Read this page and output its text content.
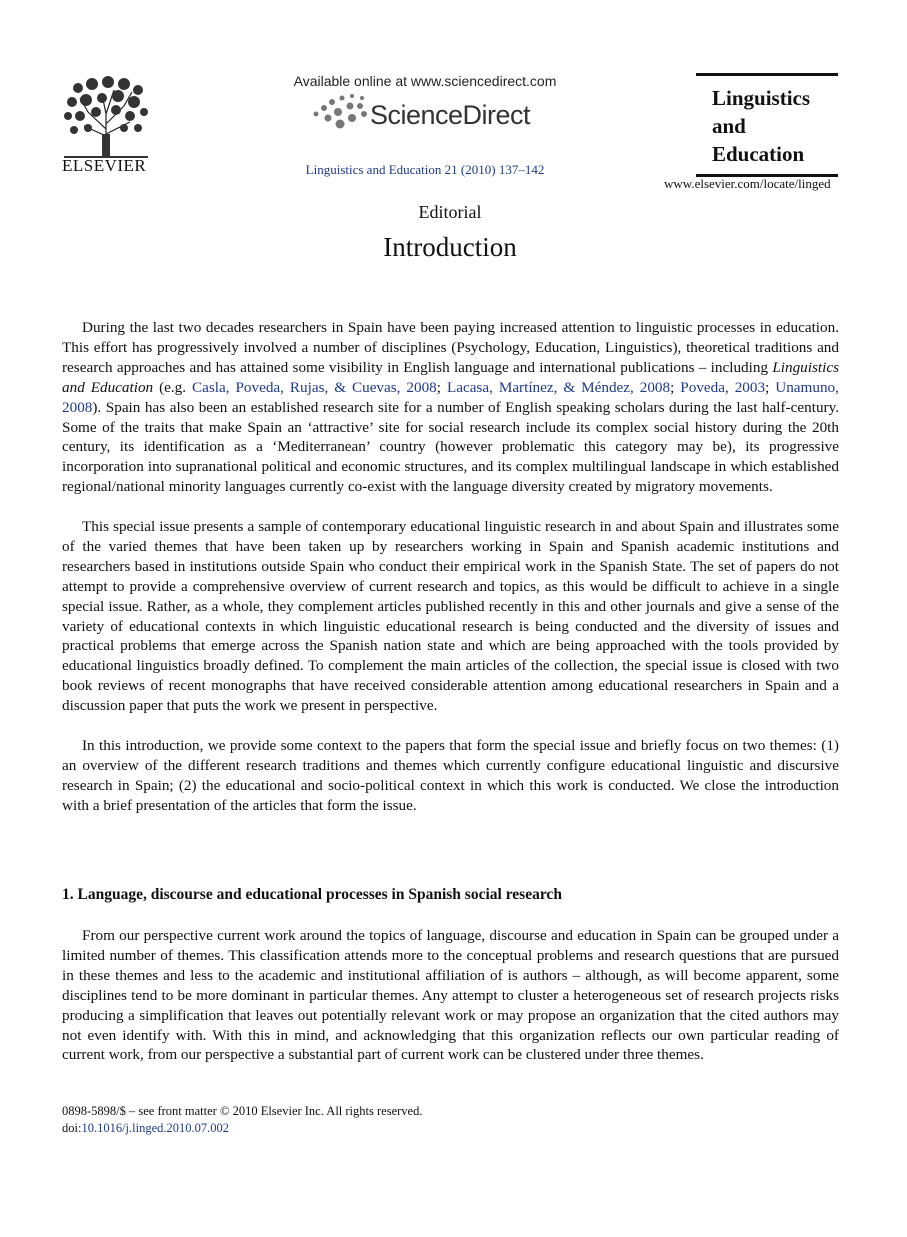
ELSEVIER
Available online at www.sciencedirect.com
ScienceDirect
Linguistics and Education 21 (2010) 137–142
Linguistics
and
Education
www.elsevier.com/locate/linged
Editorial
Introduction

During the last two decades researchers in Spain have been paying increased attention to linguistic processes in education. This effort has progressively involved a number of disciplines (Psychology, Education, Linguistics), theoretical traditions and research approaches and has attained some visibility in English language and international publications – including Linguistics and Education (e.g. Casla, Poveda, Rujas, & Cuevas, 2008; Lacasa, Martínez, & Méndez, 2008; Poveda, 2003; Unamuno, 2008). Spain has also been an established research site for a number of English speaking scholars during the last half-century. Some of the traits that make Spain an ‘attractive’ site for social research include its complex social history during the 20th century, its identification as a ‘Mediterranean’ country (however problematic this category may be), its progressive incorporation into supranational political and economic structures, and its complex multilingual landscape in which established regional/national minority languages currently co-exist with the language diversity created by migratory movements.

This special issue presents a sample of contemporary educational linguistic research in and about Spain and illustrates some of the varied themes that have been taken up by researchers working in Spain and Spanish academic institutions and researchers based in institutions outside Spain who conduct their empirical work in the Spanish State. The set of papers do not attempt to provide a comprehensive overview of current research and topics, as this would be difficult to achieve in a single special issue. Rather, as a whole, they complement articles published recently in this and other journals and give a sense of the variety of educational contexts in which linguistic educational research is being conducted and the diversity of issues and practical problems that emerge across the Spanish nation state and which are being approached with the tools provided by educational linguistics broadly defined. To complement the main articles of the collection, the special issue is closed with two book reviews of recent monographs that have received considerable attention among educational researchers in Spain and a discussion paper that puts the work we present in perspective.

In this introduction, we provide some context to the papers that form the special issue and briefly focus on two themes: (1) an overview of the different research traditions and themes which currently configure educational linguistic and discursive research in Spain; (2) the educational and socio-political context in which this work is conducted. We close the introduction with a brief presentation of the articles that form the issue.

1. Language, discourse and educational processes in Spanish social research

From our perspective current work around the topics of language, discourse and education in Spain can be grouped under a limited number of themes. This classification attends more to the conceptual problems and research questions that are pursued in these themes and less to the academic and institutional affiliation of is authors – although, as will become apparent, some disciplines tend to be more dominant in particular themes. Any attempt to cluster a heterogeneous set of research projects risks producing a simplification that leaves out potentially relevant work or may propose an organization that the cited authors may not even identify with. With this in mind, and acknowledging that this organization reflects our own particular reading of current work, from our perspective a substantial part of current work can be clustered under three themes.

0898-5898/$ – see front matter © 2010 Elsevier Inc. All rights reserved.
doi:10.1016/j.linged.2010.07.002
